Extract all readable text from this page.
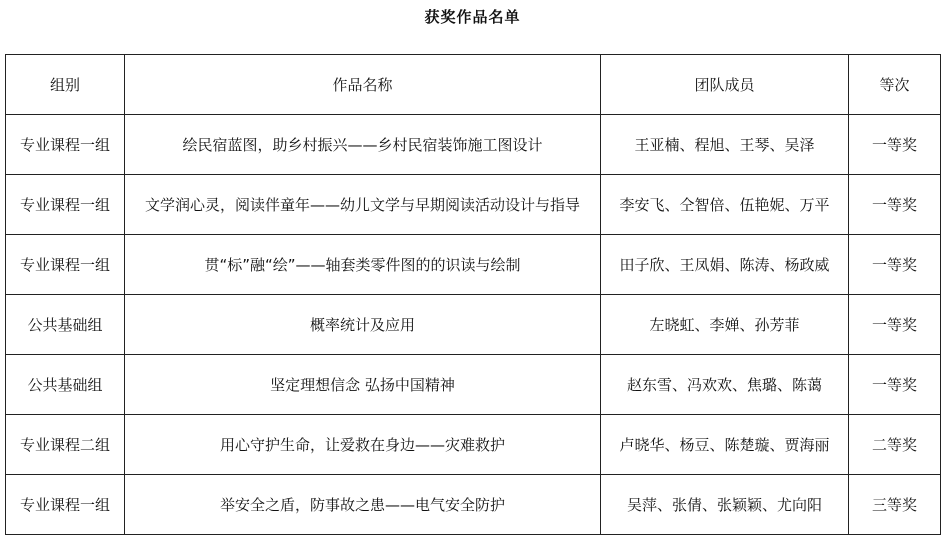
获奖作品名单
组别	作品名称	团队成员	等次
专业课程一组	绘民宿蓝图，助乡村振兴——乡村民宿装饰施工图设计	王亚楠、程旭、王琴、吴泽	一等奖
专业课程一组	文学润心灵，阅读伴童年——幼儿文学与早期阅读活动设计与指导	李安飞、仝智倍、伍艳妮、万平	一等奖
专业课程一组	贯“标”融“绘”——轴套类零件图的的识读与绘制	田子欣、王凤娟、陈涛、杨政威	一等奖
公共基础组	概率统计及应用	左晓虹、李婵、孙芳菲	一等奖
公共基础组	坚定理想信念 弘扬中国精神	赵东雪、冯欢欢、焦璐、陈蔼	一等奖
专业课程二组	用心守护生命，让爱救在身边——灾难救护	卢晓华、杨豆、陈楚璇、贾海丽	二等奖
专业课程一组	举安全之盾，防事故之患——电气安全防护	吴萍、张倩、张颖颖、尤向阳	三等奖
